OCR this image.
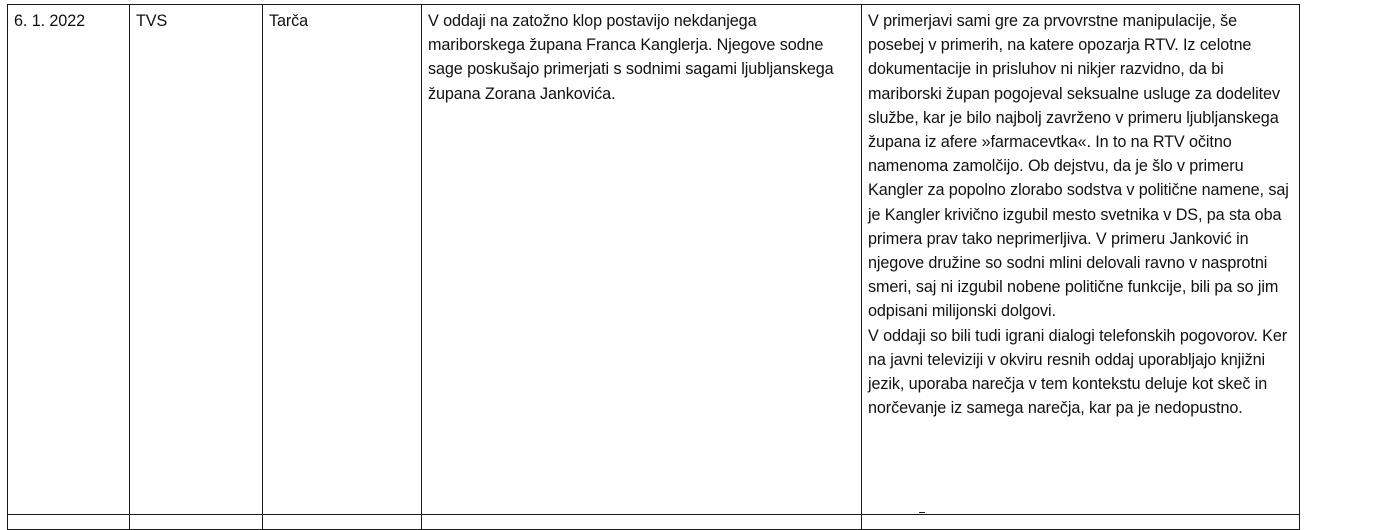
6. 1. 2022	TVS	Tarča	V oddaji na zatožno klop postavijo nekdanjega mariborskega župana Franca Kanglerja. Njegove sodne sage poskušajo primerjati s sodnimi sagami ljubljanskega župana Zorana Jankovića.	V primerjavi sami gre za prvovrstne manipulacije, še posebej v primerih, na katere opozarja RTV. Iz celotne dokumentacije in prisluhov ni nikjer razvidno, da bi mariborski župan pogojeval seksualne usluge za dodelitev službe, kar je bilo najbolj zavrženo v primeru ljubljanskega župana iz afere »farmacevtka«. In to na RTV očitno namenoma zamolčijo. Ob dejstvu, da je šlo v primeru Kangler za popolno zlorabo sodstva v politične namene, saj je Kangler krivično izgubil mesto svetnika v DS, pa sta oba primera prav tako neprimerljiva. V primeru Janković in njegove družine so sodni mlini delovali ravno v nasprotni smeri, saj ni izgubil nobene politične funkcije, bili pa so jim odpisani milijonski dolgovi.

V oddaji so bili tudi igrani dialogi telefonskih pogovorov. Ker na javni televiziji v okviru resnih oddaj uporabljajo knjižni jezik, uporaba narečja v tem kontekstu deluje kot skeč in norčevanje iz samega narečja, kar pa je nedopustno.
